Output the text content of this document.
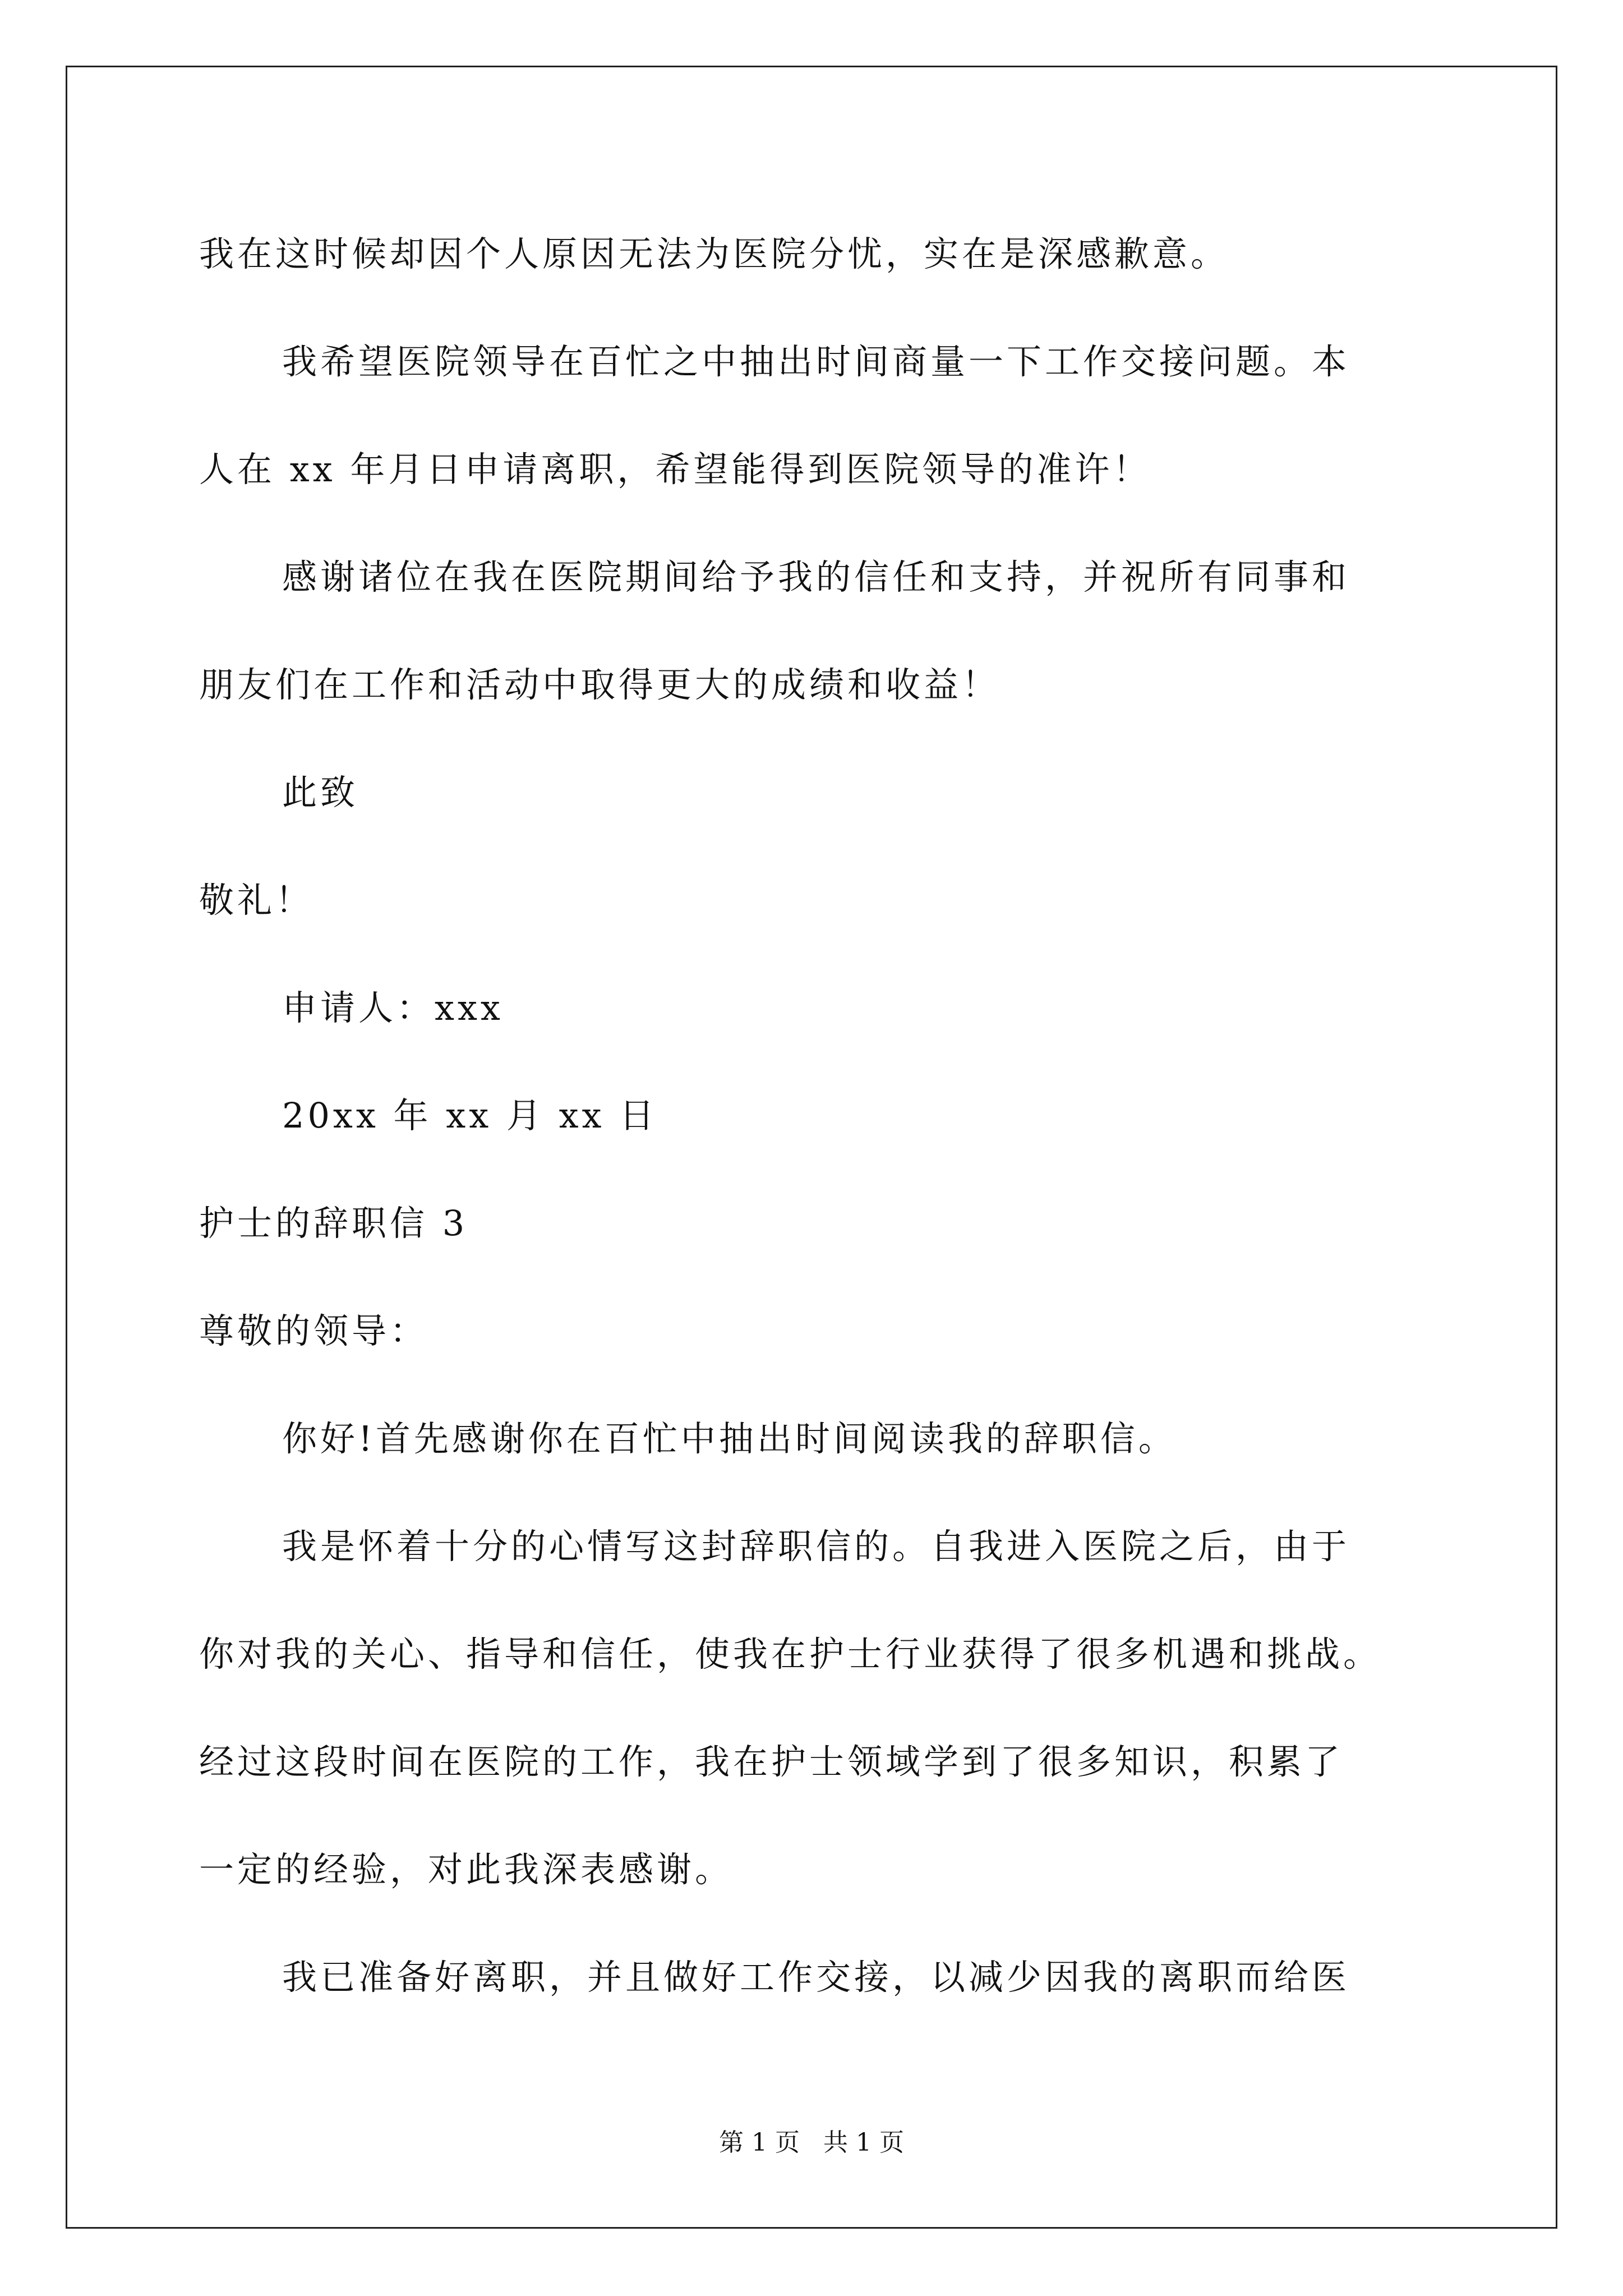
我在这时候却因个人原因无法为医院分忧，实在是深感歉意。

我希望医院领导在百忙之中抽出时间商量一下工作交接问题。本

人在 xx 年月日申请离职，希望能得到医院领导的准许！

感谢诸位在我在医院期间给予我的信任和支持，并祝所有同事和

朋友们在工作和活动中取得更大的成绩和收益！

此致

敬礼！

申请人：xxx

20xx 年 xx 月 xx 日

护士的辞职信 3

尊敬的领导：

你好!首先感谢你在百忙中抽出时间阅读我的辞职信。

我是怀着十分的心情写这封辞职信的。自我进入医院之后，由于

你对我的关心、指导和信任，使我在护士行业获得了很多机遇和挑战。

经过这段时间在医院的工作，我在护士领域学到了很多知识，积累了

一定的经验，对此我深表感谢。

我已准备好离职，并且做好工作交接，以减少因我的离职而给医

第 1 页 共 1 页
